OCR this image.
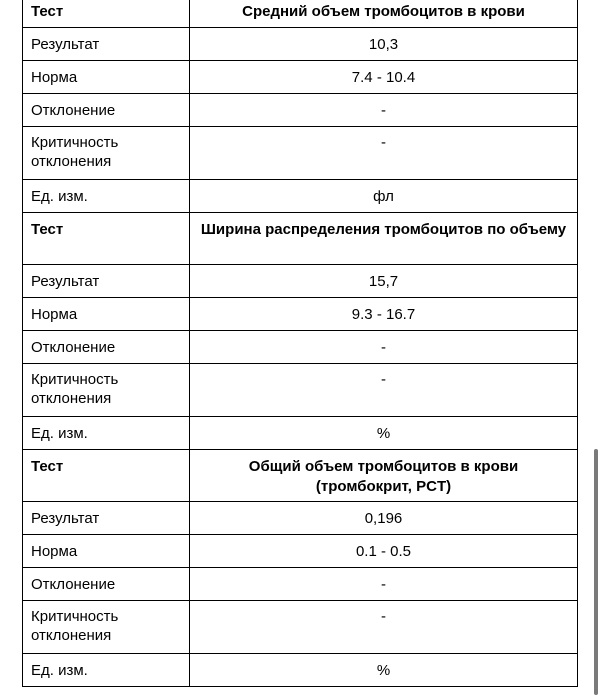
Тест	Средний объем тромбоцитов в крови
Результат	10,3
Норма	7.4 - 10.4
Отклонение	-
Критичность отклонения	-
Ед. изм.	фл
Тест	Ширина распределения тромбоцитов по объему
Результат	15,7
Норма	9.3 - 16.7
Отклонение	-
Критичность отклонения	-
Ед. изм.	%
Тест	Общий объем тромбоцитов в крови (тромбокрит, PCT)
Результат	0,196
Норма	0.1 - 0.5
Отклонение	-
Критичность отклонения	-
Ед. изм.	%
